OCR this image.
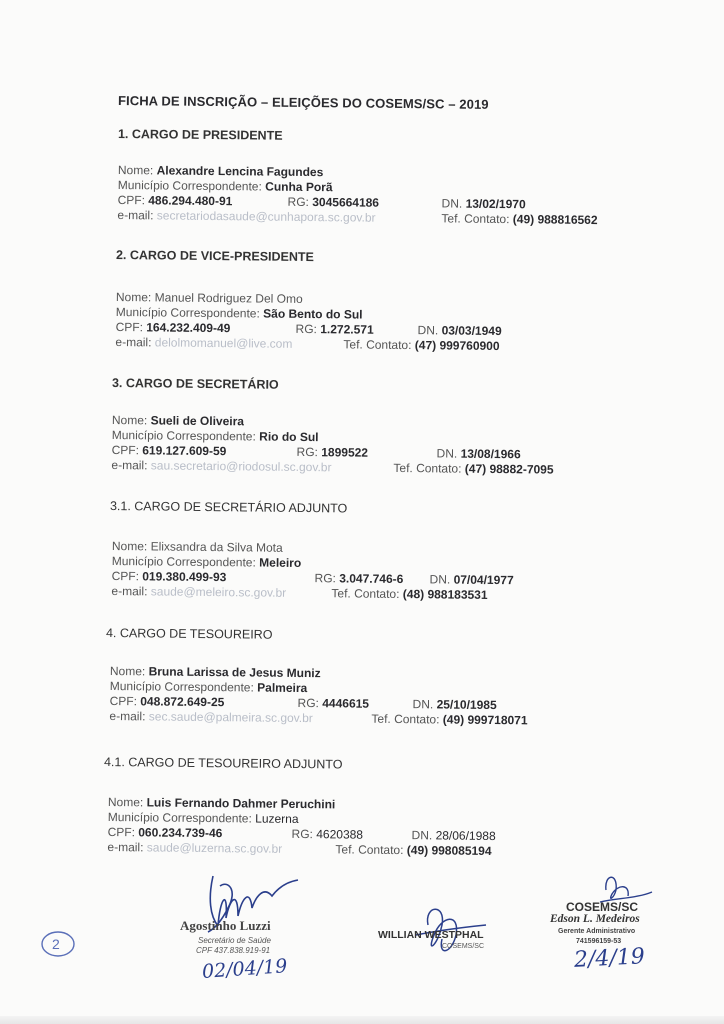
FICHA DE INSCRIÇÃO – ELEIÇÕES DO COSEMS/SC – 2019
1. CARGO DE PRESIDENTE
Nome: Alexandre Lencina Fagundes
Município Correspondente: Cunha Porã
CPF: 486.294.480-91	RG: 3045664186	DN. 13/02/1970
e-mail: secretariodasaude@cunhapora.sc.gov.br	Tef. Contato: (49) 988816562
2. CARGO DE VICE-PRESIDENTE
Nome: Manuel Rodriguez Del Omo
Município Correspondente: São Bento do Sul
CPF: 164.232.409-49	RG: 1.272.571	DN. 03/03/1949
e-mail: delolmomanuel@live.com	Tef. Contato: (47) 999760900
3. CARGO DE SECRETÁRIO
Nome: Sueli de Oliveira
Município Correspondente: Rio do Sul
CPF: 619.127.609-59	RG: 1899522	DN. 13/08/1966
e-mail: sau.secretario@riodosul.sc.gov.br	Tef. Contato: (47) 98882-7095
3.1. CARGO DE SECRETÁRIO ADJUNTO
Nome: Elixsandra da Silva Mota
Município Correspondente: Meleiro
CPF: 019.380.499-93	RG: 3.047.746-6 DN. 07/04/1977
e-mail: saude@meleiro.sc.gov.br	Tef. Contato: (48) 988183531
4. CARGO DE TESOUREIRO
Nome: Bruna Larissa de Jesus Muniz
Município Correspondente: Palmeira
CPF: 048.872.649-25	RG: 4446615	DN. 25/10/1985
e-mail: sec.saude@palmeira.sc.gov.br	Tef. Contato: (49) 999718071
4.1. CARGO DE TESOUREIRO ADJUNTO
Nome: Luis Fernando Dahmer Peruchini
Município Correspondente: Luzerna
CPF: 060.234.739-46	RG: 4620388	DN. 28/06/1988
e-mail: saude@luzerna.sc.gov.br	Tef. Contato: (49) 998085194
2
Agostinho Luzzi
Secretário de Saúde
CPF 437.838.919-91
02/04/19
WILLIAN WESTPHAL
COSEMS/SC
COSEMS/SC
Edson L. Medeiros
Gerente Administrativo
741596159-53
2/4/19
